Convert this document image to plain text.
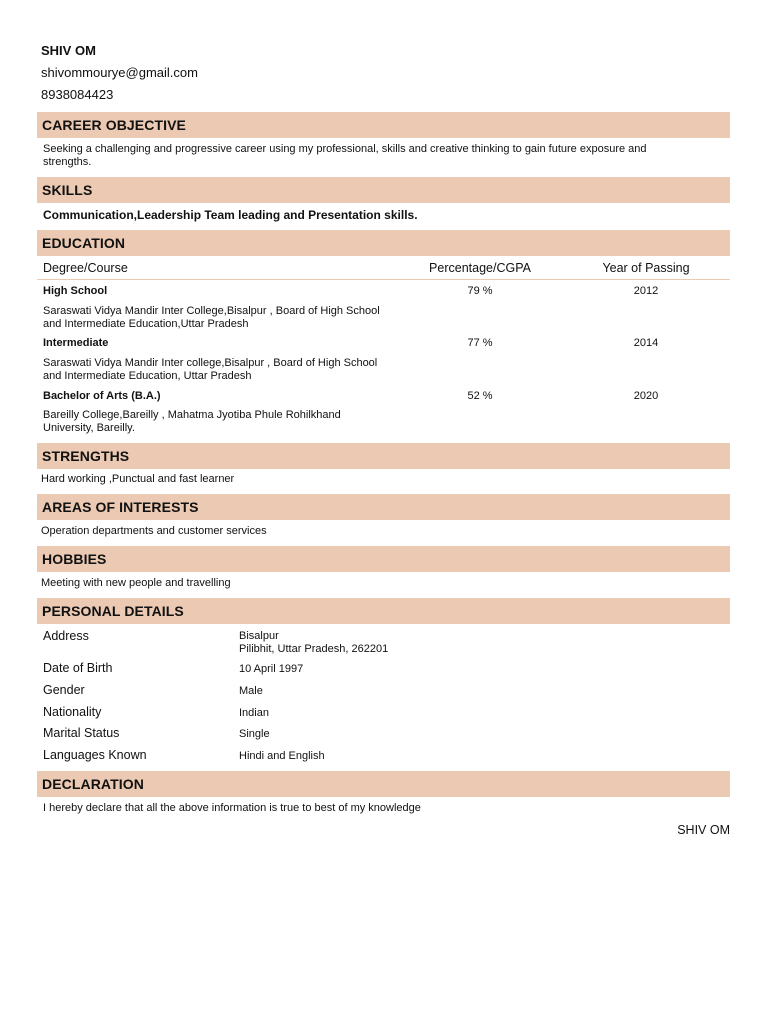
SHIV OM
shivommourye@gmail.com
8938084423
CAREER OBJECTIVE
Seeking a challenging and progressive career using my professional, skills and creative thinking to gain future exposure and
strengths.
SKILLS
Communication,Leadership Team leading and Presentation skills.
EDUCATION
Degree/Course	Percentage/CGPA	Year of Passing
High School	79 %	2012
Saraswati Vidya Mandir Inter College,Bisalpur , Board of High School and Intermediate Education,Uttar Pradesh
Intermediate	77 %	2014
Saraswati Vidya Mandir Inter college,Bisalpur , Board of High School and Intermediate Education, Uttar Pradesh
Bachelor of Arts (B.A.)	52 %	2020
Bareilly College,Bareilly , Mahatma Jyotiba Phule Rohilkhand University, Bareilly.
STRENGTHS
Hard working ,Punctual and fast learner
AREAS OF INTERESTS
Operation departments and customer services
HOBBIES
Meeting with new people and travelling
PERSONAL DETAILS
Address	Bisalpur
Pilibhit, Uttar Pradesh, 262201
Date of Birth	10 April 1997
Gender	Male
Nationality	Indian
Marital Status	Single
Languages Known	Hindi and English
DECLARATION
I hereby declare that all the above information is true to best of my knowledge
SHIV OM
